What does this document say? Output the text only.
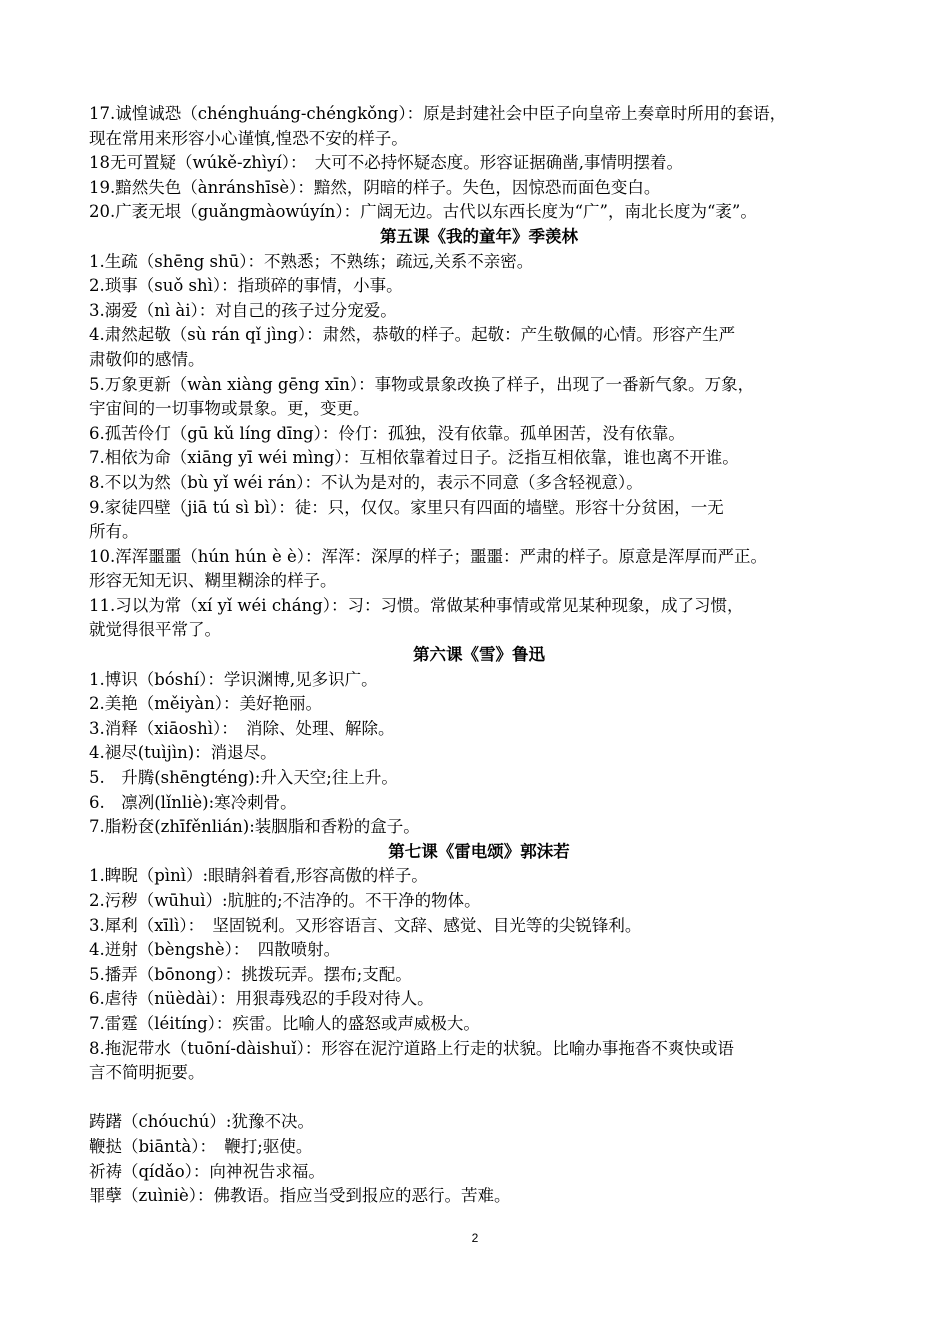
17.诚惶诚恐（chénghuáng-chéngkǒng）：原是封建社会中臣子向皇帝上奏章时所用的套语，
现在常用来形容小心谨慎,惶恐不安的样子。
18无可置疑（wúkě-zhìyí）：　大可不必持怀疑态度。形容证据确凿,事情明摆着。
19.黯然失色（ànránshīsè）：黯然，阴暗的样子。失色，因惊恐而面色变白。
20.广袤无垠（guǎngmàowúyín）：广阔无边。古代以东西长度为“广”，南北长度为“袤”。
第五课《我的童年》季羡林
1.生疏（shēng shū）：不熟悉；不熟练；疏远,关系不亲密。
2.琐事（suǒ shì）：指琐碎的事情，小事。
3.溺爱（nì ài）：对自己的孩子过分宠爱。
4.肃然起敬（sù rán qǐ jìng）：肃然，恭敬的样子。起敬：产生敬佩的心情。形容产生严
肃敬仰的感情。
5.万象更新（wàn xiàng gēng xīn）：事物或景象改换了样子，出现了一番新气象。万象，
宇宙间的一切事物或景象。更，变更。
6.孤苦伶仃（gū kǔ líng dīng）：伶仃：孤独，没有依靠。孤单困苦，没有依靠。
7.相依为命（xiāng yī wéi mìng）：互相依靠着过日子。泛指互相依靠，谁也离不开谁。
8.不以为然（bù yǐ wéi rán）：不认为是对的，表示不同意（多含轻视意）。
9.家徒四壁（jiā tú sì bì）：徒：只，仅仅。家里只有四面的墙壁。形容十分贫困，一无
所有。
10.浑浑噩噩（hún hún è è）：浑浑：深厚的样子；噩噩：严肃的样子。原意是浑厚而严正。
形容无知无识、糊里糊涂的样子。
11.习以为常（xí yǐ wéi cháng）：习：习惯。常做某种事情或常见某种现象，成了习惯，
就觉得很平常了。
第六课《雪》鲁迅
1.博识（bóshí）：学识渊博,见多识广。
2.美艳（měiyàn）：美好艳丽。
3.消释（xiāoshì）：　消除、处理、解除。
4.褪尽(tuìjìn)：消退尽。
5.　升腾(shēngténg):升入天空;往上升。
6.　凛冽(lǐnliè):寒冷刺骨。
7.脂粉奁(zhīfěnlián):装胭脂和香粉的盒子。
第七课《雷电颂》郭沫若
1.睥睨（pìnì）:眼睛斜着看,形容高傲的样子。
2.污秽（wūhuì）:肮脏的;不洁净的。不干净的物体。
3.犀利（xīlì）：　坚固锐利。又形容语言、文辞、感觉、目光等的尖锐锋利。
4.迸射（bèngshè）：　四散喷射。
5.播弄（bōnong）：挑拨玩弄。摆布;支配。
6.虐待（nüèdài）：用狠毒残忍的手段对待人。
7.雷霆（léitíng）：疾雷。比喻人的盛怒或声威极大。
8.拖泥带水（tuōní-dàishuǐ）：形容在泥泞道路上行走的状貌。比喻办事拖沓不爽快或语
言不简明扼要。
踌躇（chóuchú）:犹豫不决。
鞭挞（biāntà）：　鞭打;驱使。
祈祷（qídǎo）：向神祝告求福。
罪孽（zuìniè）：佛教语。指应当受到报应的恶行。苦难。
2
